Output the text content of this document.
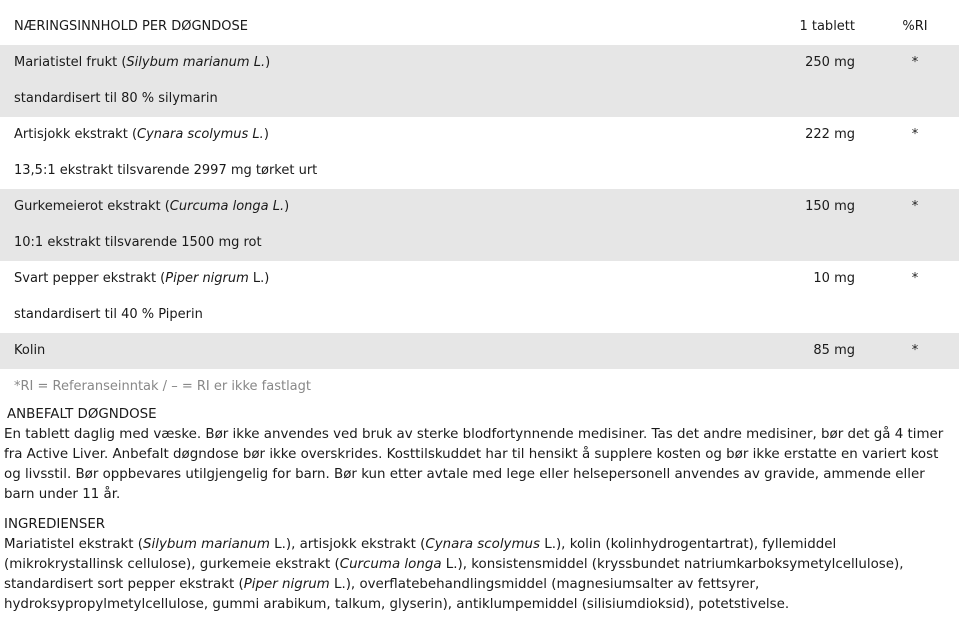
NÆRINGSINNHOLD PER DØGNDOSE	1 tablett	%RI
Mariatistel frukt (Silybum marianum L.)	250 mg	*
standardisert til 80 % silymarin
Artisjokk ekstrakt (Cynara scolymus L.)	222 mg	*
13,5:1 ekstrakt tilsvarende 2997 mg tørket urt
Gurkemeierot ekstrakt (Curcuma longa L.)	150 mg	*
10:1 ekstrakt tilsvarende 1500 mg rot
Svart pepper ekstrakt (Piper nigrum L.)	10 mg	*
standardisert til 40 % Piperin
Kolin	85 mg	*
*RI = Referanseinntak / – = RI er ikke fastlagt
ANBEFALT DØGNDOSE

En tablett daglig med væske. Bør ikke anvendes ved bruk av sterke blodfortynnende medisiner. Tas det andre medisiner, bør det gå 4 timer fra Active Liver. Anbefalt døgndose bør ikke overskrides. Kosttilskuddet har til hensikt å supplere kosten og bør ikke erstatte en variert kost og livsstil. Bør oppbevares utilgjengelig for barn. Bør kun etter avtale med lege eller helsepersonell anvendes av gravide, ammende eller barn under 11 år.

INGREDIENSER

Mariatistel ekstrakt (Silybum marianum L.), artisjokk ekstrakt (Cynara scolymus L.), kolin (kolinhydrogentartrat), fyllemiddel (mikrokrystallinsk cellulose), gurkemeie ekstrakt (Curcuma longa L.), konsistensmiddel (kryssbundet natriumkarboksymetylcellulose), standardisert sort pepper ekstrakt (Piper nigrum L.), overflatebehandlingsmiddel (magnesiumsalter av fettsyrer, hydroksypropylmetylcellulose, gummi arabikum, talkum, glyserin), antiklumpemiddel (silisiumdioksid), potetstivelse.
